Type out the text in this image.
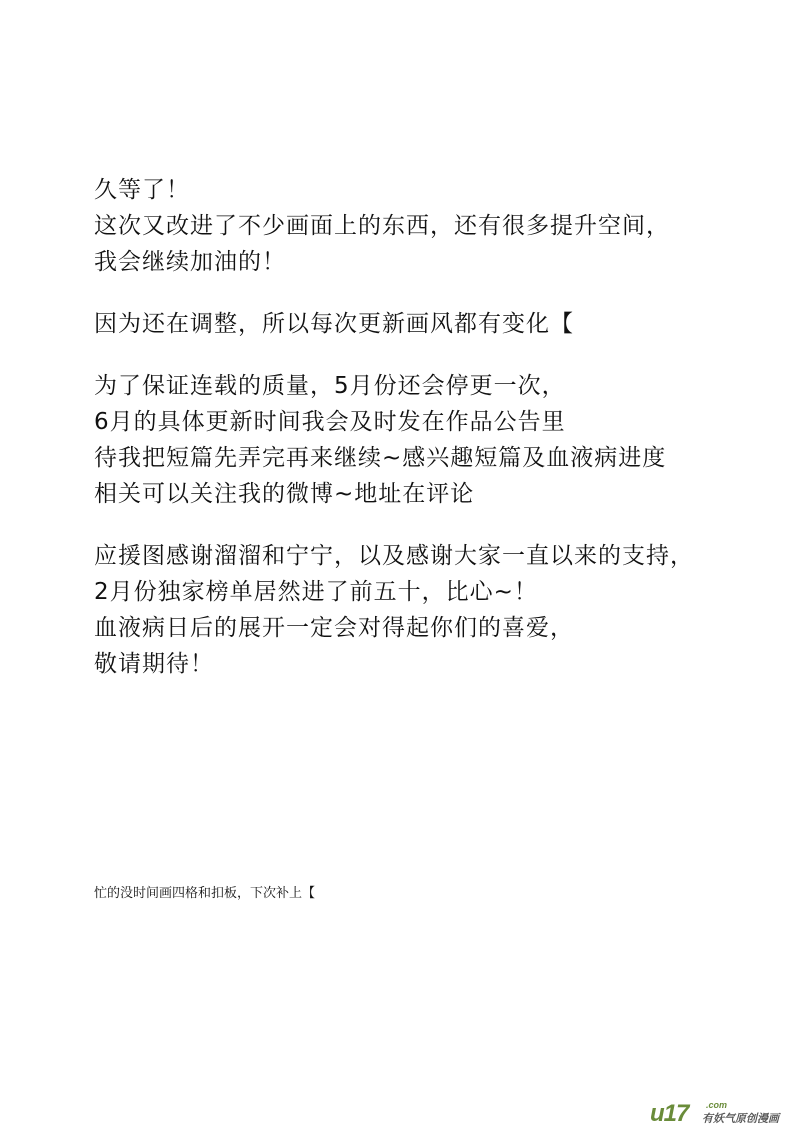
久等了！
这次又改进了不少画面上的东西，还有很多提升空间，
我会继续加油的！
因为还在调整，所以每次更新画风都有变化【
为了保证连载的质量，5月份还会停更一次，
6月的具体更新时间我会及时发在作品公告里
待我把短篇先弄完再来继续~感兴趣短篇及血液病进度
相关可以关注我的微博~地址在评论
应援图感谢溜溜和宁宁，以及感谢大家一直以来的支持，
2月份独家榜单居然进了前五十，比心~！
血液病日后的展开一定会对得起你们的喜爱，
敬请期待！
忙的没时间画四格和扣板，下次补上【
u17 .com
有妖气原创漫画
